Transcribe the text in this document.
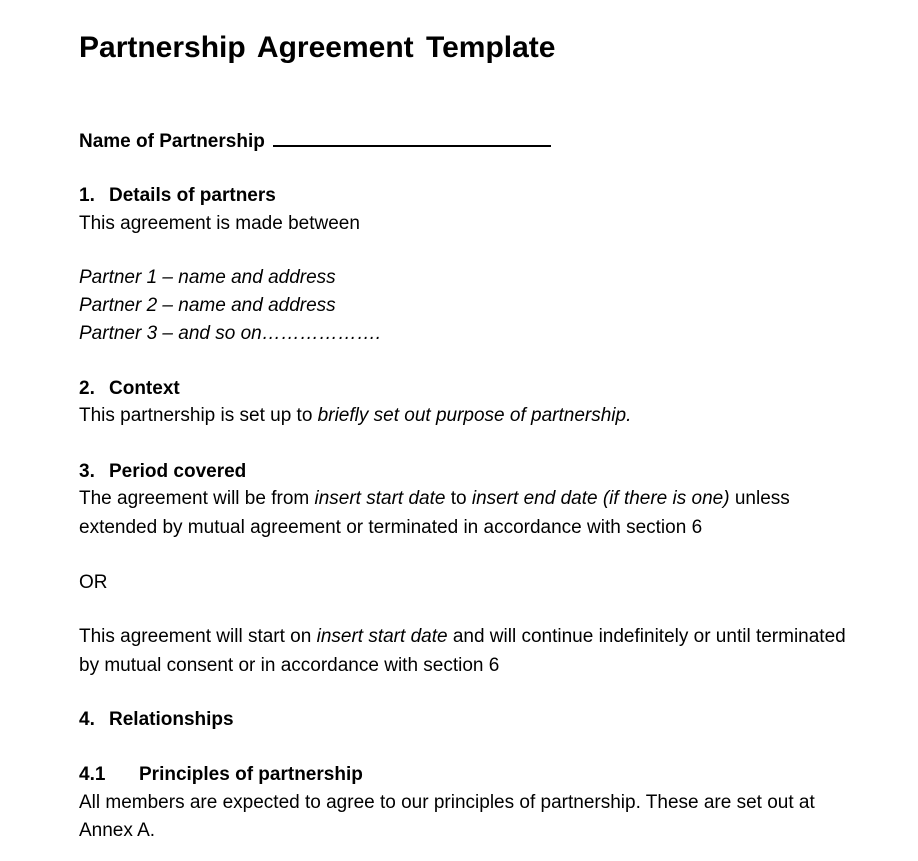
Partnership Agreement Template
Name of Partnership
1. Details of partners
This agreement is made between
Partner 1 – name and address
Partner 2 – name and address
Partner 3 – and so on……………….
2. Context
This partnership is set up to briefly set out purpose of partnership.
3. Period covered
The agreement will be from insert start date to insert end date (if there is one) unless
extended by mutual agreement or terminated in accordance with section 6
OR
This agreement will start on insert start date and will continue indefinitely or until terminated
by mutual consent or in accordance with section 6
4. Relationships
4.1 Principles of partnership
All members are expected to agree to our principles of partnership. These are set out at
Annex A.
